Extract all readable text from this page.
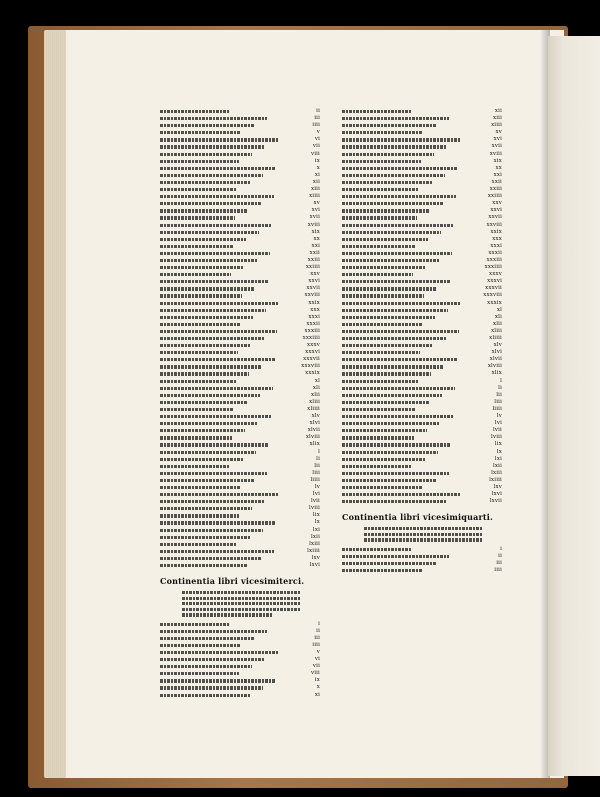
ii
iii
iiii
v
vi
vii
viii
ix
x
xi
xii
xiii
xiiii
xv
xvi
xvii
xviii
xix
xx
xxi
xxii
xxiii
xxiiii
xxv
xxvi
xxvii
xxviii
xxix
xxx
xxxi
xxxii
xxxiii
xxxiiii
xxxv
xxxvi
xxxvii
xxxviii
xxxix
xl
xli
xlii
xliii
xliiii
xlv
xlvi
xlvii
xlviii
xlix
l
li
lii
liii
liiii
lv
lvi
lvii
lviii
lix
lx
lxi
lxii
lxiii
lxiiii
lxv
lxvi
Continentia libri vicesimiterci.
i
ii
iii
iiii
v
vi
vii
viii
ix
x
xi
xii
xiii
xiiii
xv
xvi
xvii
xviii
xix
xx
xxi
xxii
xxiii
xxiiii
xxv
xxvi
xxvii
xxviii
xxix
xxx
xxxi
xxxii
xxxiii
xxxiiii
xxxv
xxxvi
xxxvii
xxxviii
xxxix
xl
xli
xlii
xliii
xliiii
xlv
xlvi
xlvii
xlviii
xlix
l
li
lii
liii
liiii
lv
lvi
lvii
lviii
lix
lx
lxi
lxii
lxiii
lxiiii
lxv
lxvi
lxvii
Continentia libri vicesimiquarti.
i
ii
iii
iiii
